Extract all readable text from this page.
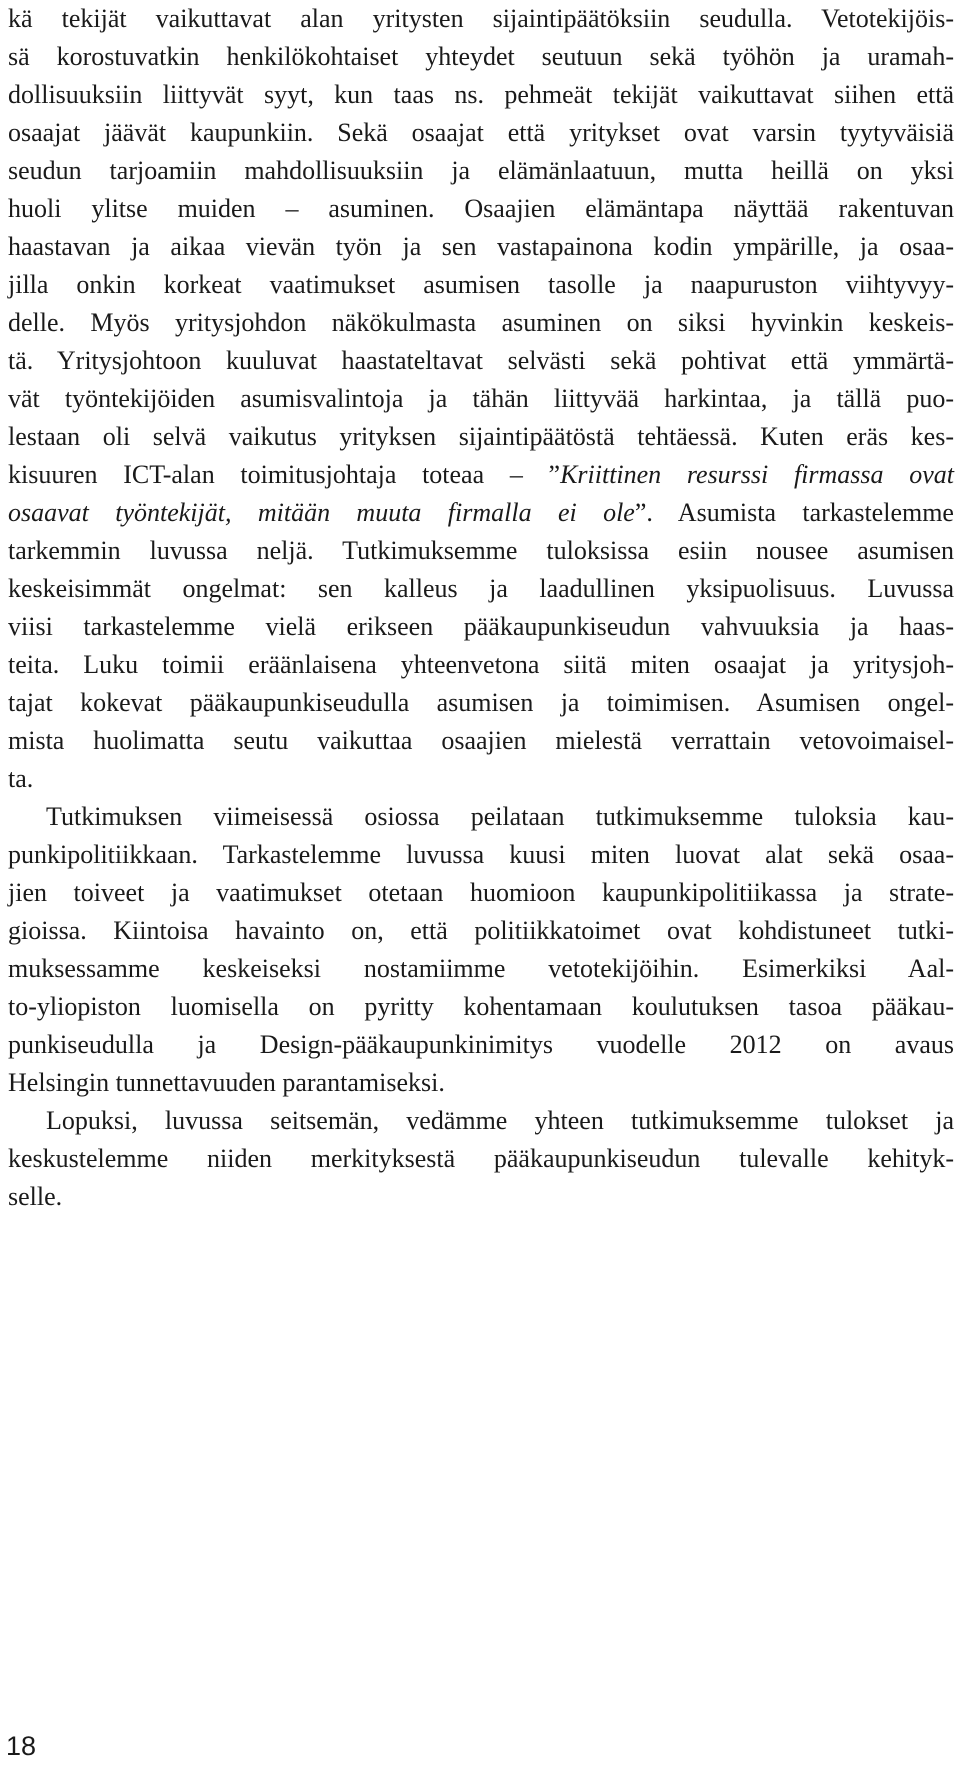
kä tekijät vaikuttavat alan yritysten sijaintipäätöksiin seudulla. Vetotekijöis-
sä korostuvatkin henkilökohtaiset yhteydet seutuun sekä työhön ja uramah-
dollisuuksiin liittyvät syyt, kun taas ns. pehmeät tekijät vaikuttavat siihen että
osaajat jäävät kaupunkiin. Sekä osaajat että yritykset ovat varsin tyytyväisiä
seudun tarjoamiin mahdollisuuksiin ja elämänlaatuun, mutta heillä on yksi
huoli ylitse muiden – asuminen. Osaajien elämäntapa näyttää rakentuvan
haastavan ja aikaa vievän työn ja sen vastapainona kodin ympärille, ja osaa-
jilla onkin korkeat vaatimukset asumisen tasolle ja naapuruston viihtyvyy-
delle. Myös yritysjohdon näkökulmasta asuminen on siksi hyvinkin keskeis-
tä. Yritysjohtoon kuuluvat haastateltavat selvästi sekä pohtivat että ymmärtä-
vät työntekijöiden asumisvalintoja ja tähän liittyvää harkintaa, ja tällä puo-
lestaan oli selvä vaikutus yrityksen sijaintipäätöstä tehtäessä. Kuten eräs kes-
kisuuren ICT-alan toimitusjohtaja toteaa – ”Kriittinen resurssi firmassa ovat
osaavat työntekijät, mitään muuta firmalla ei ole”. Asumista tarkastelemme
tarkemmin luvussa neljä. Tutkimuksemme tuloksissa esiin nousee asumisen
keskeisimmät ongelmat: sen kalleus ja laadullinen yksipuolisuus. Luvussa
viisi tarkastelemme vielä erikseen pääkaupunkiseudun vahvuuksia ja haas-
teita. Luku toimii eräänlaisena yhteenvetona siitä miten osaajat ja yritysjoh-
tajat kokevat pääkaupunkiseudulla asumisen ja toimimisen. Asumisen ongel-
mista huolimatta seutu vaikuttaa osaajien mielestä verrattain vetovoimaisel-
ta.
Tutkimuksen viimeisessä osiossa peilataan tutkimuksemme tuloksia kau-
punkipolitiikkaan. Tarkastelemme luvussa kuusi miten luovat alat sekä osaa-
jien toiveet ja vaatimukset otetaan huomioon kaupunkipolitiikassa ja strate-
gioissa. Kiintoisa havainto on, että politiikkatoimet ovat kohdistuneet tutki-
muksessamme keskeiseksi nostamiimme vetotekijöihin. Esimerkiksi Aal-
to-yliopiston luomisella on pyritty kohentamaan koulutuksen tasoa pääkau-
punkiseudulla ja Design-pääkaupunkinimitys vuodelle 2012 on avaus
Helsingin tunnettavuuden parantamiseksi.
Lopuksi, luvussa seitsemän, vedämme yhteen tutkimuksemme tulokset ja
keskustelemme niiden merkityksestä pääkaupunkiseudun tulevalle kehityk-
selle.
18
